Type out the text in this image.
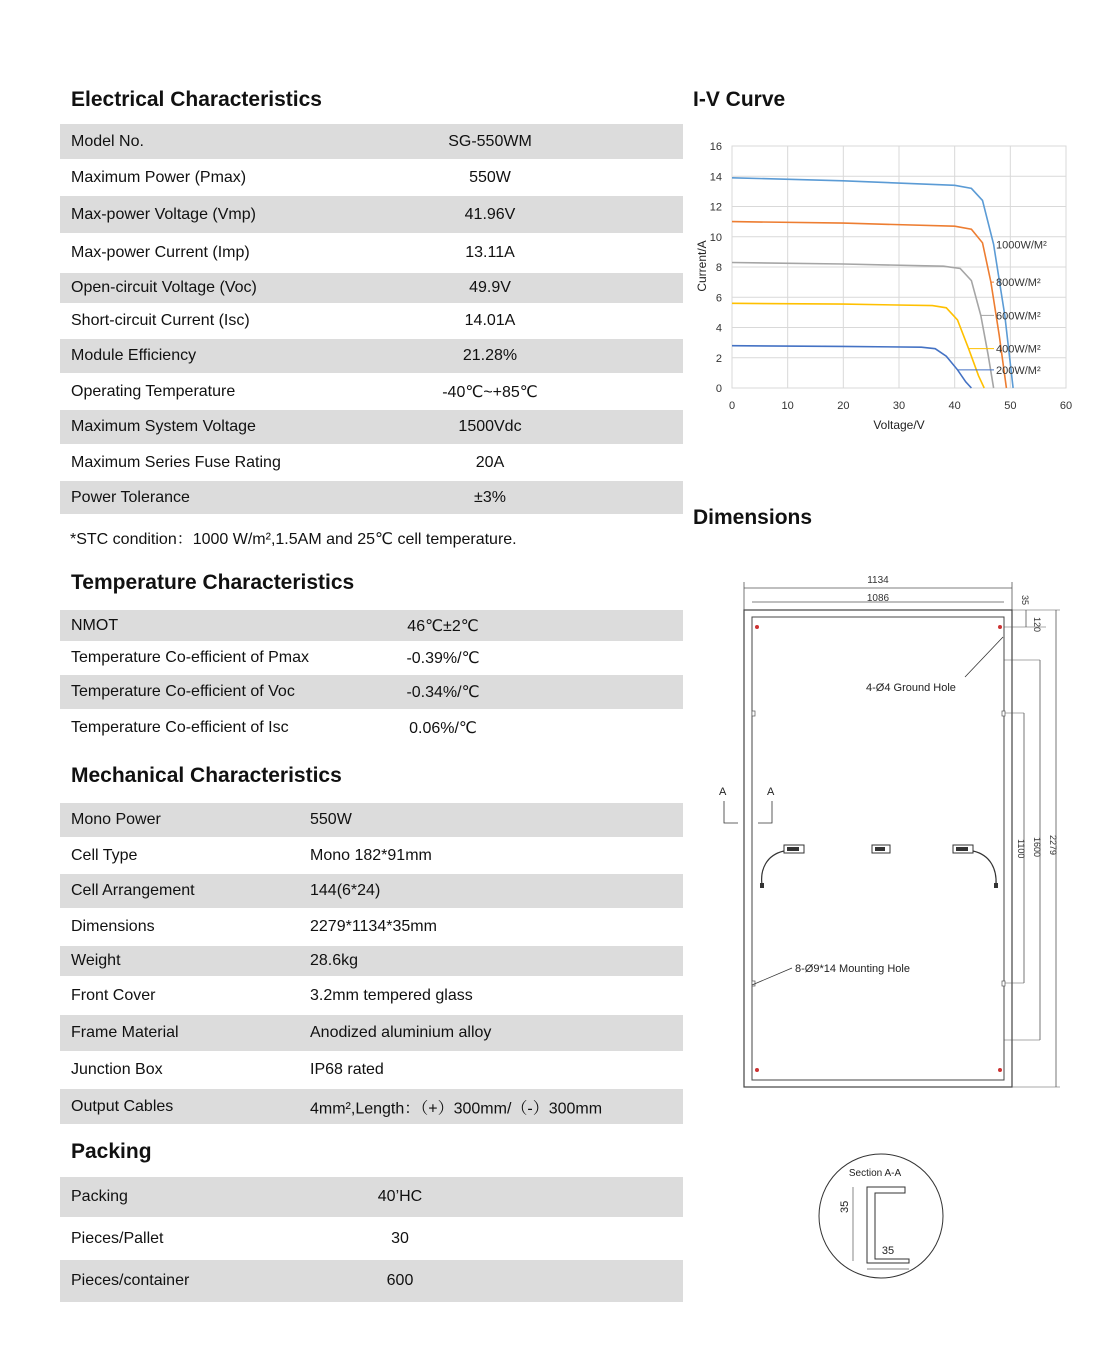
Electrical Characteristics
Model No.	SG-550WM
Maximum Power (Pmax)	550W
Max-power Voltage (Vmp)	41.96V
Max-power Current (Imp)	13.11A
Open-circuit Voltage (Voc)	49.9V
Short-circuit Current (Isc)	14.01A
Module Efficiency	21.28%
Operating Temperature	-40℃~+85℃
Maximum System Voltage	1500Vdc
Maximum Series Fuse Rating	20A
Power Tolerance	±3%
*STC condition：1000 W/m²,1.5AM and 25℃ cell temperature.
Temperature Characteristics
NMOT	46℃±2℃
Temperature Co-efficient of Pmax	-0.39%/℃
Temperature Co-efficient of Voc	-0.34%/℃
Temperature Co-efficient of Isc	0.06%/℃
Mechanical Characteristics
Mono Power	550W
Cell Type	Mono 182*91mm
Cell Arrangement	144(6*24)
Dimensions	2279*1134*35mm
Weight	28.6kg
Front Cover	3.2mm tempered glass
Frame Material	Anodized aluminium alloy
Junction Box	IP68 rated
Output Cables	4mm²,Length：（+）300mm/（-）300mm
Packing
Packing	40’HC
Pieces/Pallet	30
Pieces/container	600
I-V Curve
0	10	20	30	40	50	60
0
2
4
6
8
10
12
14
16
1000W/M²
800W/M²
600W/M²
400W/M²
200W/M²
Voltage/V
Current/A
Dimensions
1134
1086	35
120
1100 1600 2279
4-Ø4 Ground Hole
A	A
8-Ø9*14 Mounting Hole
Section A-A
35
35
